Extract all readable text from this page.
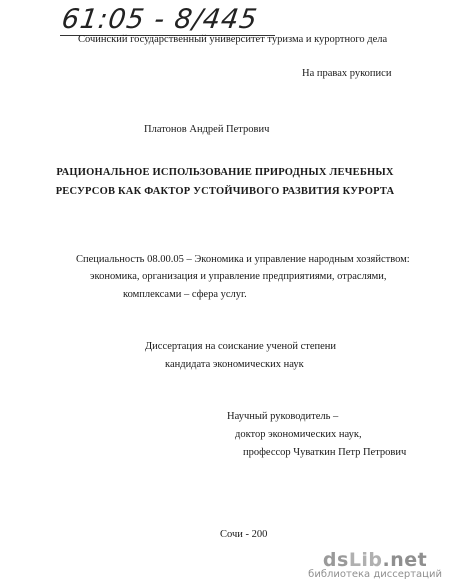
61:05 - 8/445
Сочинский государственный университет туризма и курортного дела
На правах рукописи
Платонов Андрей Петрович
РАЦИОНАЛЬНОЕ ИСПОЛЬЗОВАНИЕ ПРИРОДНЫХ ЛЕЧЕБНЫХ
РЕСУРСОВ КАК ФАКТОР УСТОЙЧИВОГО РАЗВИТИЯ КУРОРТА
Специальность 08.00.05 – Экономика и управление народным хозяйством:
экономика, организация и управление предприятиями, отраслями,
комплексами – сфера услуг.
Диссертация на соискание ученой степени
кандидата экономических наук
Научный руководитель –
доктор экономических наук,
профессор Чуваткин Петр Петрович
Сочи - 200
dsLib.net
библиотека диссертаций
